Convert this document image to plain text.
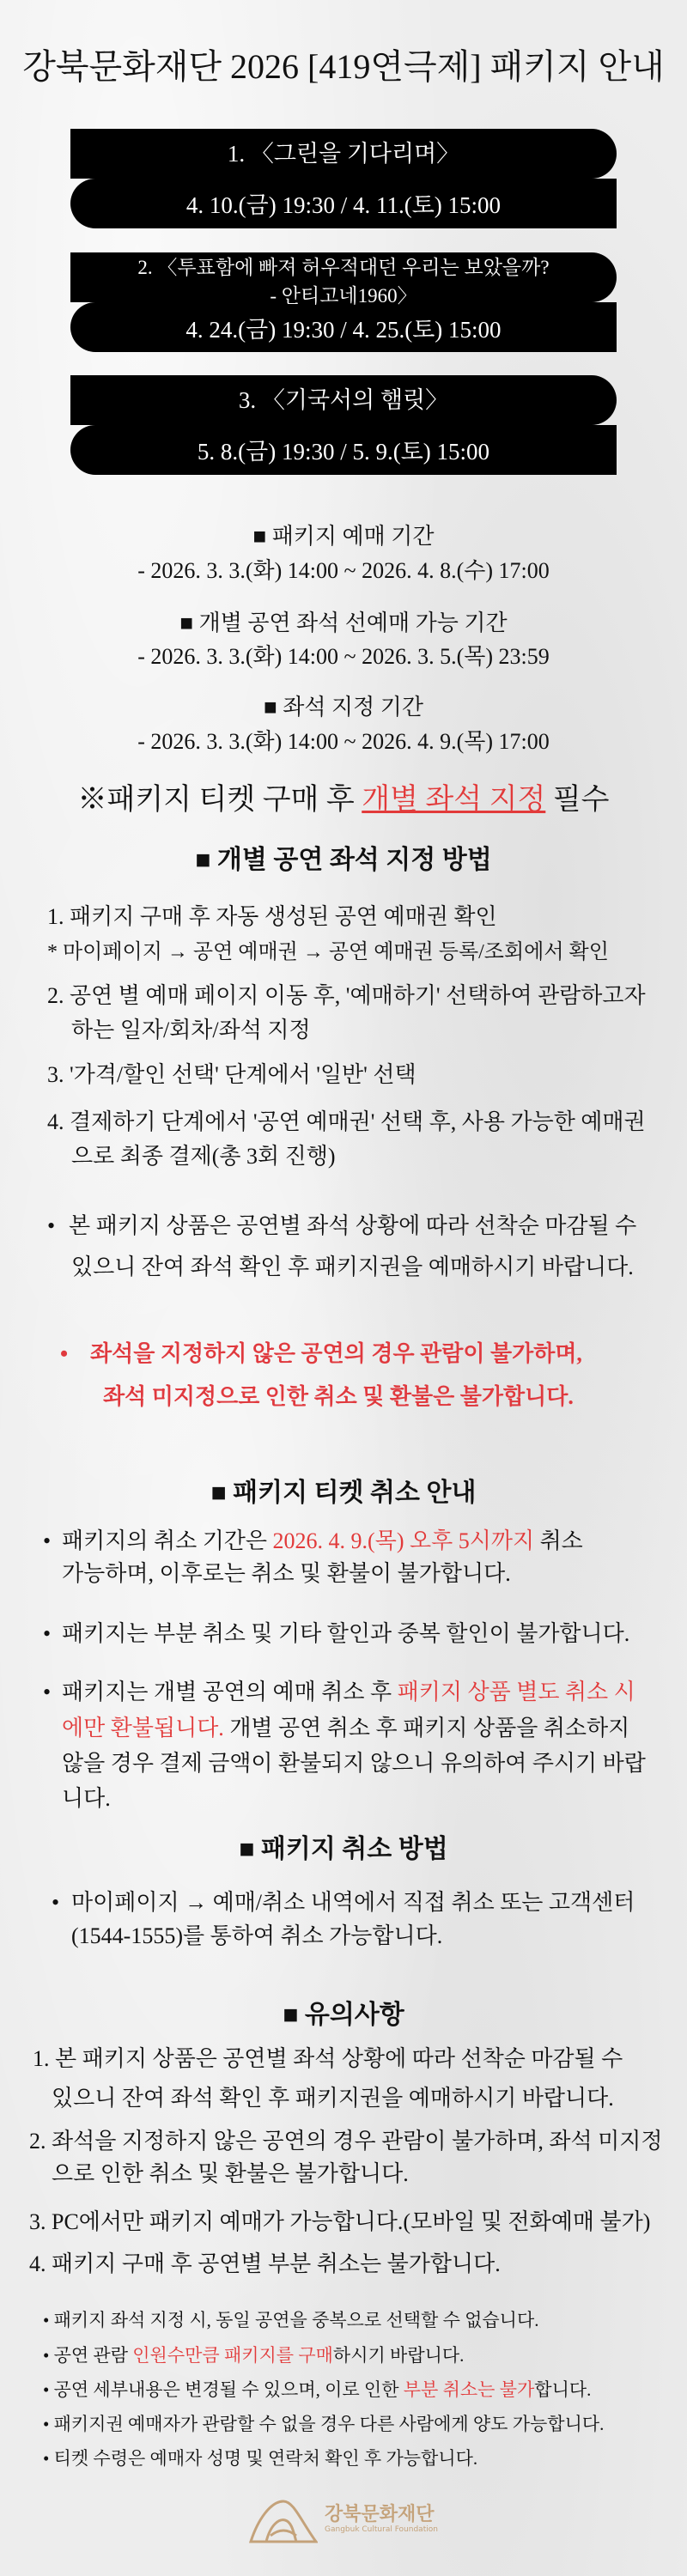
강북문화재단 2026 [419연극제] 패키지 안내
1. 〈그린을 기다리며〉
4. 10.(금) 19:30 / 4. 11.(토) 15:00
2. 〈투표함에 빠져 허우적대던 우리는 보았을까?
- 안티고네1960〉
4. 24.(금) 19:30 / 4. 25.(토) 15:00
3. 〈기국서의 햄릿〉
5. 8.(금) 19:30 / 5. 9.(토) 15:00
■ 패키지 예매 기간
- 2026. 3. 3.(화) 14:00 ~ 2026. 4. 8.(수) 17:00
■ 개별 공연 좌석 선예매 가능 기간
- 2026. 3. 3.(화) 14:00 ~ 2026. 3. 5.(목) 23:59
■ 좌석 지정 기간
- 2026. 3. 3.(화) 14:00 ~ 2026. 4. 9.(목) 17:00
※패키지 티켓 구매 후 개별 좌석 지정 필수
■ 개별 공연 좌석 지정 방법
1. 패키지 구매 후 자동 생성된 공연 예매권 확인
* 마이페이지 → 공연 예매권 → 공연 예매권 등록/조회에서 확인
2. 공연 별 예매 페이지 이동 후, '예매하기' 선택하여 관람하고자
하는 일자/회차/좌석 지정
3. '가격/할인 선택' 단계에서 '일반' 선택
4. 결제하기 단계에서 '공연 예매권' 선택 후, 사용 가능한 예매권
으로 최종 결제(총 3회 진행)
• 본 패키지 상품은 공연별 좌석 상황에 따라 선착순 마감될 수
있으니 잔여 좌석 확인 후 패키지권을 예매하시기 바랍니다.
• 좌석을 지정하지 않은 공연의 경우 관람이 불가하며,
좌석 미지정으로 인한 취소 및 환불은 불가합니다.
■ 패키지 티켓 취소 안내
• 패키지의 취소 기간은 2026. 4. 9.(목) 오후 5시까지 취소
가능하며, 이후로는 취소 및 환불이 불가합니다.
• 패키지는 부분 취소 및 기타 할인과 중복 할인이 불가합니다.
• 패키지는 개별 공연의 예매 취소 후 패키지 상품 별도 취소 시
에만 환불됩니다. 개별 공연 취소 후 패키지 상품을 취소하지
않을 경우 결제 금액이 환불되지 않으니 유의하여 주시기 바랍
니다.
■ 패키지 취소 방법
• 마이페이지 → 예매/취소 내역에서 직접 취소 또는 고객센터
(1544-1555)를 통하여 취소 가능합니다.
■ 유의사항
1. 본 패키지 상품은 공연별 좌석 상황에 따라 선착순 마감될 수
있으니 잔여 좌석 확인 후 패키지권을 예매하시기 바랍니다.
2. 좌석을 지정하지 않은 공연의 경우 관람이 불가하며, 좌석 미지정
으로 인한 취소 및 환불은 불가합니다.
3. PC에서만 패키지 예매가 가능합니다.(모바일 및 전화예매 불가)
4. 패키지 구매 후 공연별 부분 취소는 불가합니다.
• 패키지 좌석 지정 시, 동일 공연을 중복으로 선택할 수 없습니다.
• 공연 관람 인원수만큼 패키지를 구매하시기 바랍니다.
• 공연 세부내용은 변경될 수 있으며, 이로 인한 부분 취소는 불가합니다.
• 패키지권 예매자가 관람할 수 없을 경우 다른 사람에게 양도 가능합니다.
• 티켓 수령은 예매자 성명 및 연락처 확인 후 가능합니다.
강북문화재단
Gangbuk Cultural Foundation
